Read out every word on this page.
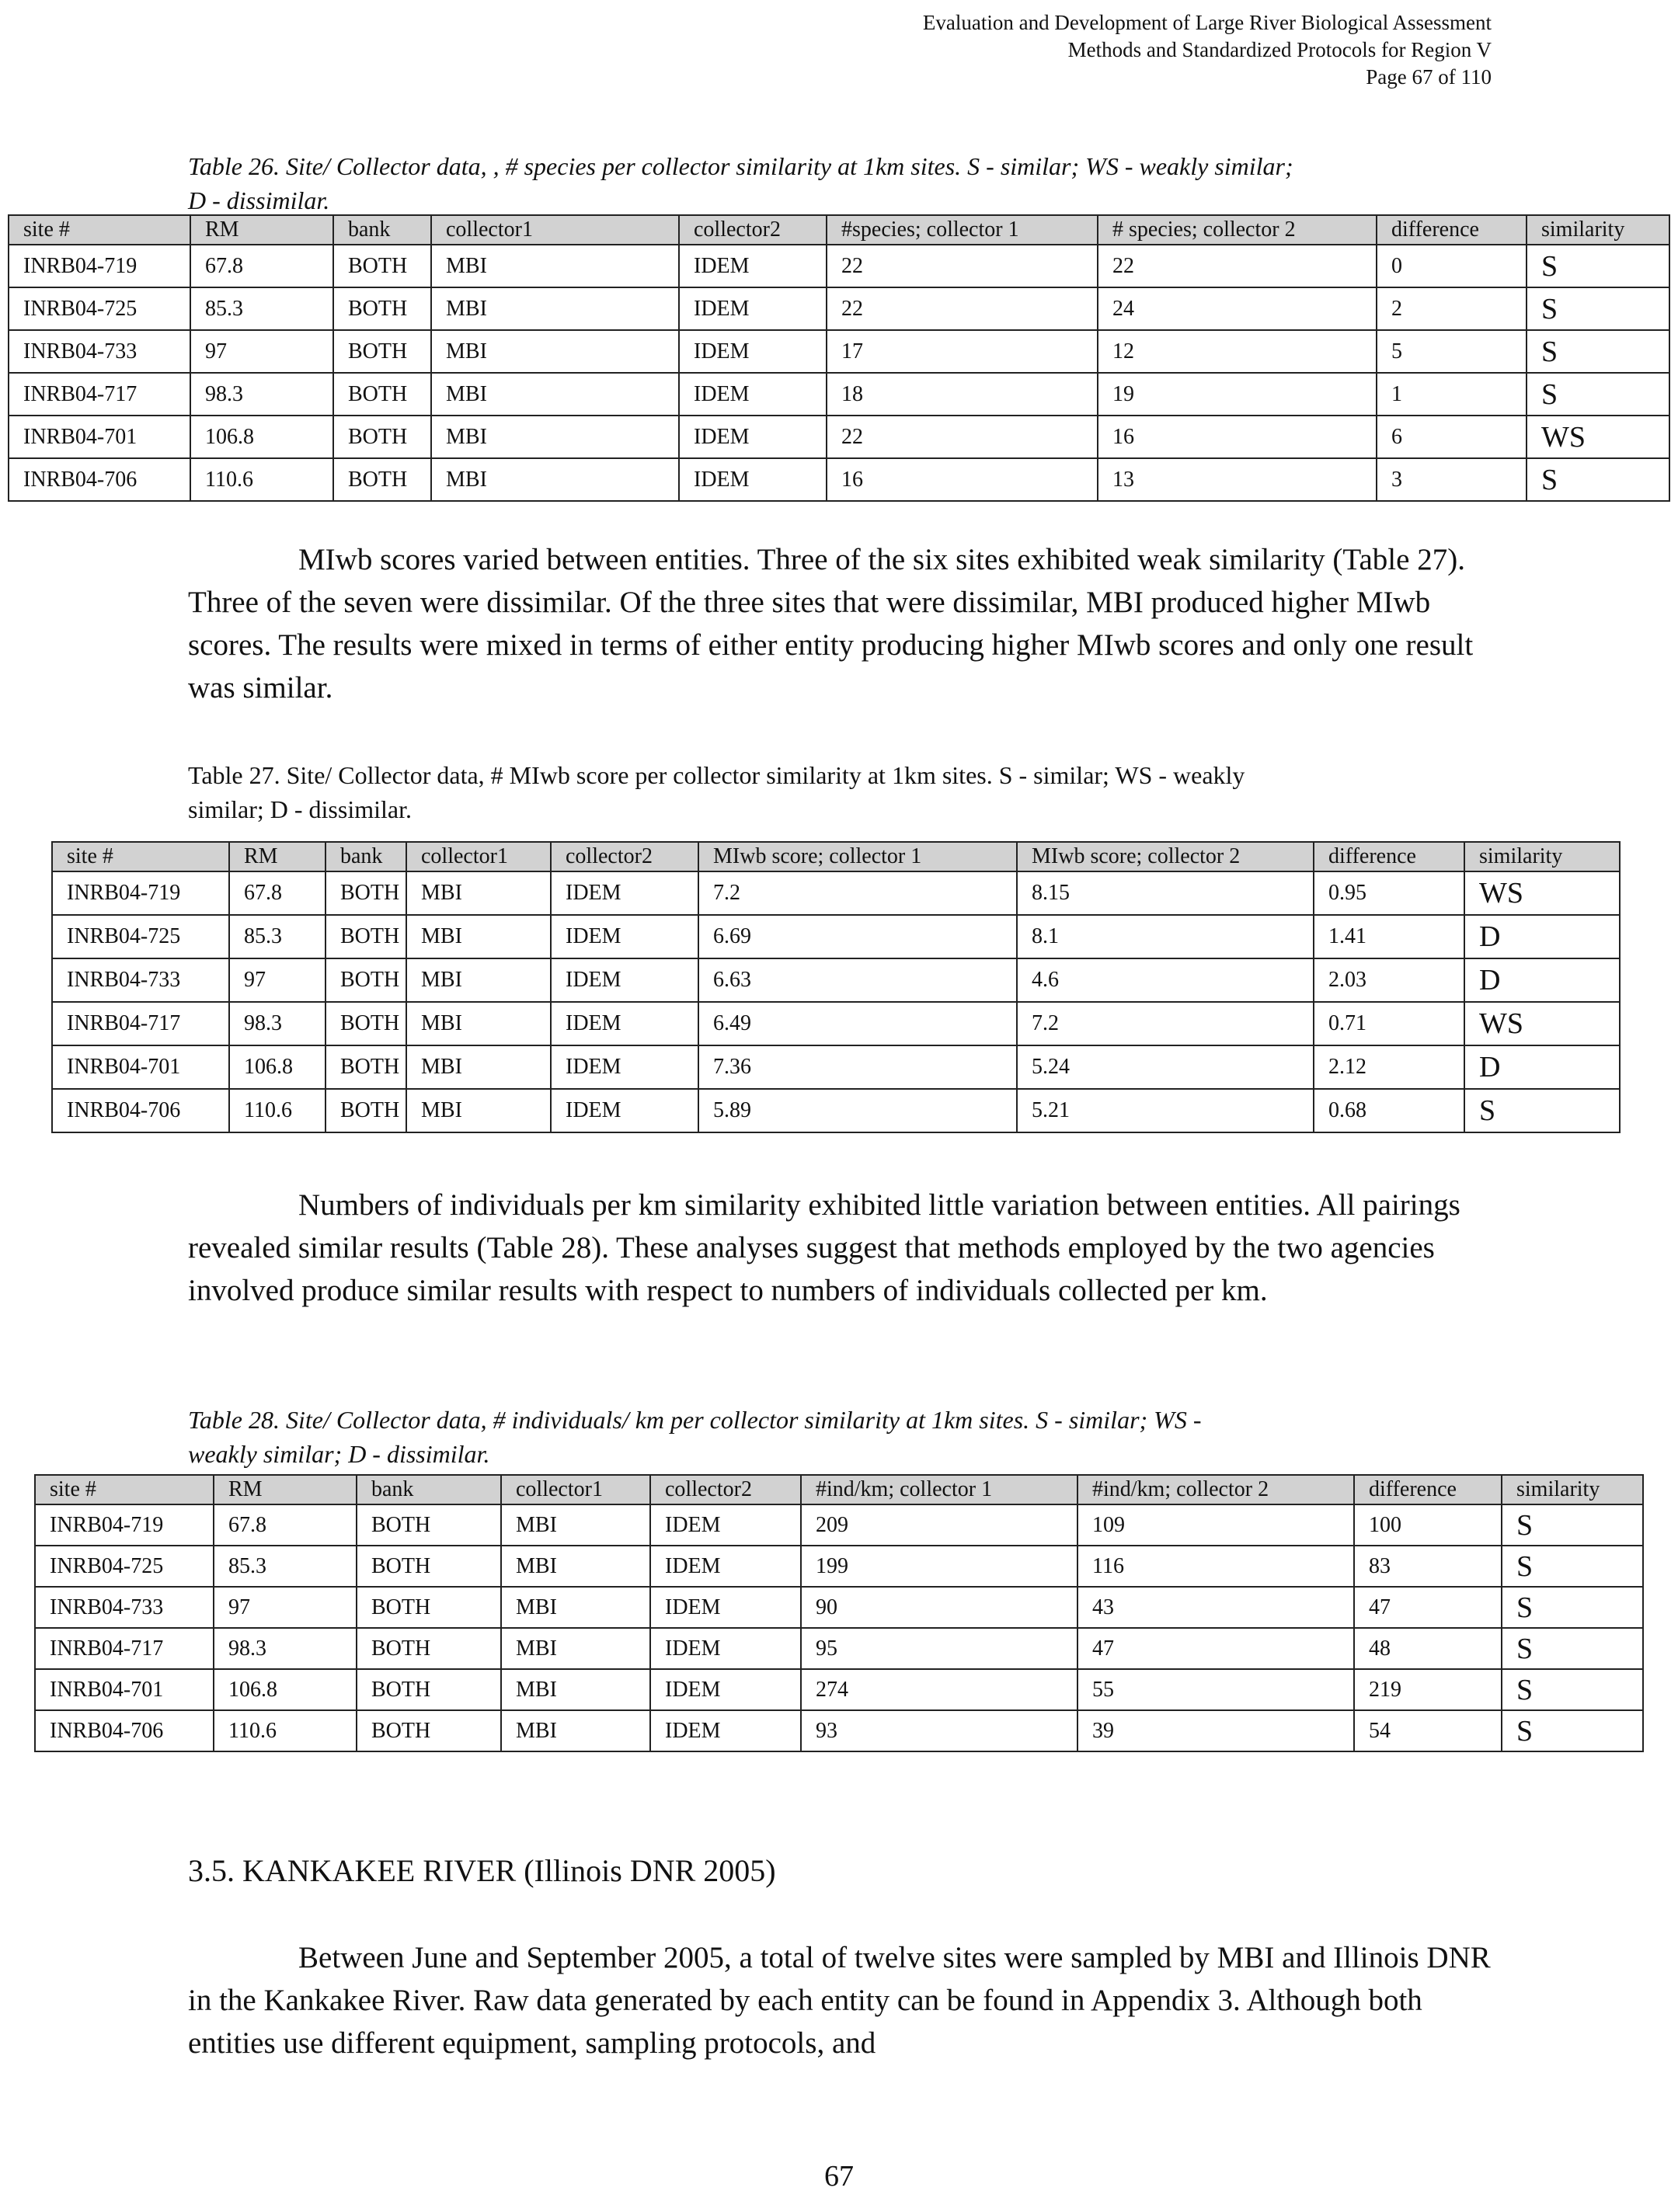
Evaluation and Development of Large River Biological Assessment
Methods and Standardized Protocols for Region V
Page 67 of 110
Table 26. Site/ Collector data, , # species per collector similarity at 1km sites. S - similar; WS - weakly similar;
D - dissimilar.
site #	RM	bank	collector1	collector2	#species; collector 1	# species; collector 2	difference	similarity
INRB04-719	67.8	BOTH	MBI	IDEM	22	22	0	S
INRB04-725	85.3	BOTH	MBI	IDEM	22	24	2	S
INRB04-733	97	BOTH	MBI	IDEM	17	12	5	S
INRB04-717	98.3	BOTH	MBI	IDEM	18	19	1	S
INRB04-701	106.8	BOTH	MBI	IDEM	22	16	6	WS
INRB04-706	110.6	BOTH	MBI	IDEM	16	13	3	S

MIwb scores varied between entities. Three of the six sites exhibited weak similarity (Table 27). Three of the seven were dissimilar. Of the three sites that were dissimilar, MBI produced higher MIwb scores. The results were mixed in terms of either entity producing higher MIwb scores and only one result was similar.

Table 27. Site/ Collector data, # MIwb score per collector similarity at 1km sites. S - similar; WS - weakly
similar; D - dissimilar.
site #	RM	bank	collector1	collector2	MIwb score; collector 1	MIwb score; collector 2	difference	similarity
INRB04-719	67.8	BOTH	MBI	IDEM	7.2	8.15	0.95	WS
INRB04-725	85.3	BOTH	MBI	IDEM	6.69	8.1	1.41	D
INRB04-733	97	BOTH	MBI	IDEM	6.63	4.6	2.03	D
INRB04-717	98.3	BOTH	MBI	IDEM	6.49	7.2	0.71	WS
INRB04-701	106.8	BOTH	MBI	IDEM	7.36	5.24	2.12	D
INRB04-706	110.6	BOTH	MBI	IDEM	5.89	5.21	0.68	S

Numbers of individuals per km similarity exhibited little variation between entities. All pairings revealed similar results (Table 28). These analyses suggest that methods employed by the two agencies involved produce similar results with respect to numbers of individuals collected per km.

Table 28. Site/ Collector data, # individuals/ km per collector similarity at 1km sites. S - similar; WS -
weakly similar; D - dissimilar.
site #	RM	bank	collector1	collector2	#ind/km; collector 1	#ind/km; collector 2	difference	similarity
INRB04-719	67.8	BOTH	MBI	IDEM	209	109	100	S
INRB04-725	85.3	BOTH	MBI	IDEM	199	116	83	S
INRB04-733	97	BOTH	MBI	IDEM	90	43	47	S
INRB04-717	98.3	BOTH	MBI	IDEM	95	47	48	S
INRB04-701	106.8	BOTH	MBI	IDEM	274	55	219	S
INRB04-706	110.6	BOTH	MBI	IDEM	93	39	54	S
3.5. KANKAKEE RIVER (Illinois DNR 2005)

Between June and September 2005, a total of twelve sites were sampled by MBI and Illinois DNR in the Kankakee River. Raw data generated by each entity can be found in Appendix 3. Although both entities use different equipment, sampling protocols, and

67
